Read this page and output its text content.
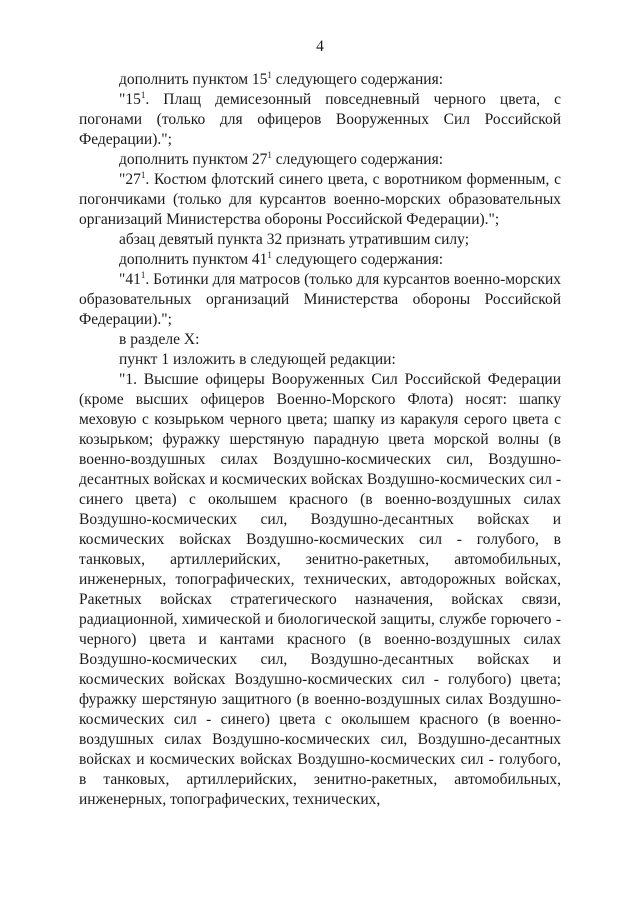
4

дополнить пунктом $15^1$ следующего содержания:

"$15^1$. Плащ демисезонный повседневный черного цвета, с погонами (только для офицеров Вооруженных Сил Российской Федерации).";

дополнить пунктом $27^1$ следующего содержания:

"$27^1$. Костюм флотский синего цвета, с воротником форменным, с погончиками (только для курсантов военно-морских образовательных организаций Министерства обороны Российской Федерации).";

абзац девятый пункта 32 признать утратившим силу;

дополнить пунктом $41^1$ следующего содержания:

"$41^1$. Ботинки для матросов (только для курсантов военно-морских образовательных организаций Министерства обороны Российской Федерации).";

в разделе X:

пункт 1 изложить в следующей редакции:

"1. Высшие офицеры Вооруженных Сил Российской Федерации (кроме высших офицеров Военно-Морского Флота) носят: шапку меховую с козырьком черного цвета; шапку из каракуля серого цвета с козырьком; фуражку шерстяную парадную цвета морской волны (в военно-воздушных силах Воздушно-космических сил, Воздушно-десантных войсках и космических войсках Воздушно-космических сил - синего цвета) с околышем красного (в военно-воздушных силах Воздушно-космических сил, Воздушно-десантных войсках и космических войсках Воздушно-космических сил - голубого, в танковых, артиллерийских, зенитно-ракетных, автомобильных, инженерных, топографических, технических, автодорожных войсках, Ракетных войсках стратегического назначения, войсках связи, радиационной, химической и биологической защиты, службе горючего - черного) цвета и кантами красного (в военно-воздушных силах Воздушно-космических сил, Воздушно-десантных войсках и космических войсках Воздушно-космических сил - голубого) цвета; фуражку шерстяную защитного (в военно-воздушных силах Воздушно-космических сил - синего) цвета с околышем красного (в военно-воздушных силах Воздушно-космических сил, Воздушно-десантных войсках и космических войсках Воздушно-космических сил - голубого, в танковых, артиллерийских, зенитно-ракетных, автомобильных, инженерных, топографических, технических,
